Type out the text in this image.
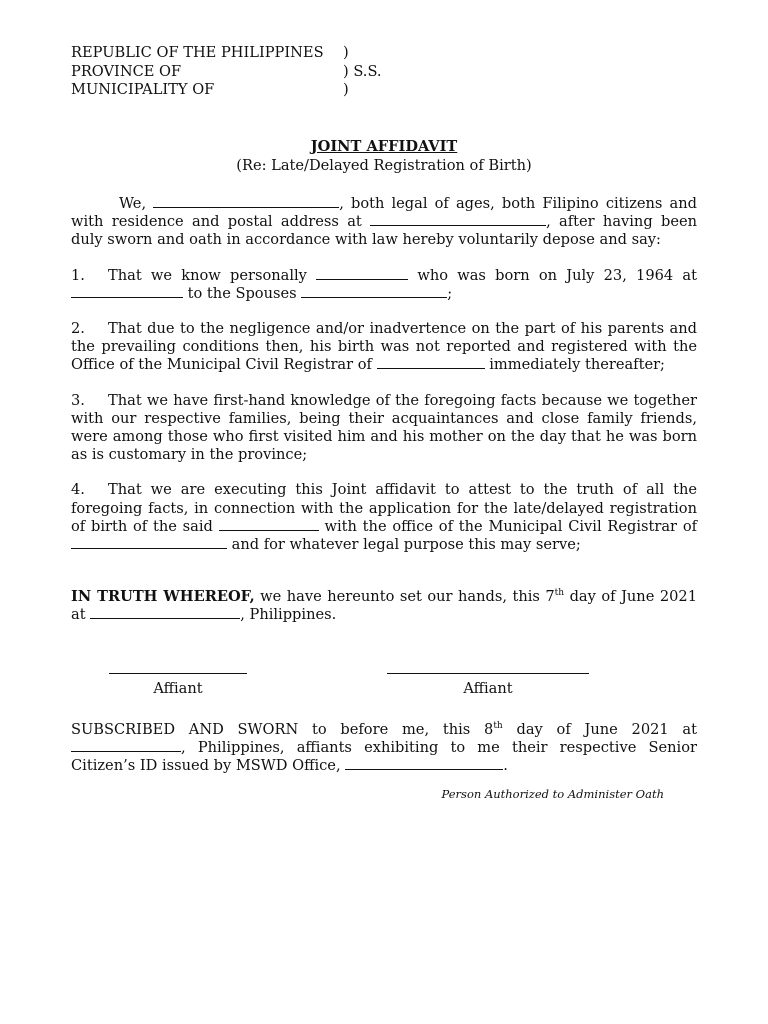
REPUBLIC OF THE PHILIPPINES )
PROVINCE OF	) S.S.
MUNICIPALITY OF	)
JOINT AFFIDAVIT
(Re: Late/Delayed Registration of Birth)

We,	, both legal of ages, both Filipino citizens and with residence and postal address at	, after having been duly sworn and oath in accordance with law hereby voluntarily depose and say:

1. That we know personally	who was born on July 23, 1964 at  to the Spouses	;

2. That due to the negligence and/or inadvertence on the part of his parents and the prevailing conditions then, his birth was not reported and registered with the Office of the Municipal Civil Registrar of	immediately thereafter;

3. That we have first-hand knowledge of the foregoing facts because we together with our respective families, being their acquaintances and close family friends, were among those who first visited him and his mother on the day that he was born as is customary in the province;

4. That we are executing this Joint affidavit to attest to the truth of all the foregoing facts, in connection with the application for the late/delayed registration of birth of the said	with the office of the Municipal Civil Registrar of  and for whatever legal purpose this may serve;

IN TRUTH WHEREOF, we have hereunto set our hands, this 7th day of June 2021 at	, Philippines.

Affiant	Affiant

SUBSCRIBED AND SWORN to before me, this 8th day of June 2021 at , Philippines, affiants exhibiting to me their respective Senior Citizen’s ID issued by MSWD Office,	.

Person Authorized to Administer Oath
